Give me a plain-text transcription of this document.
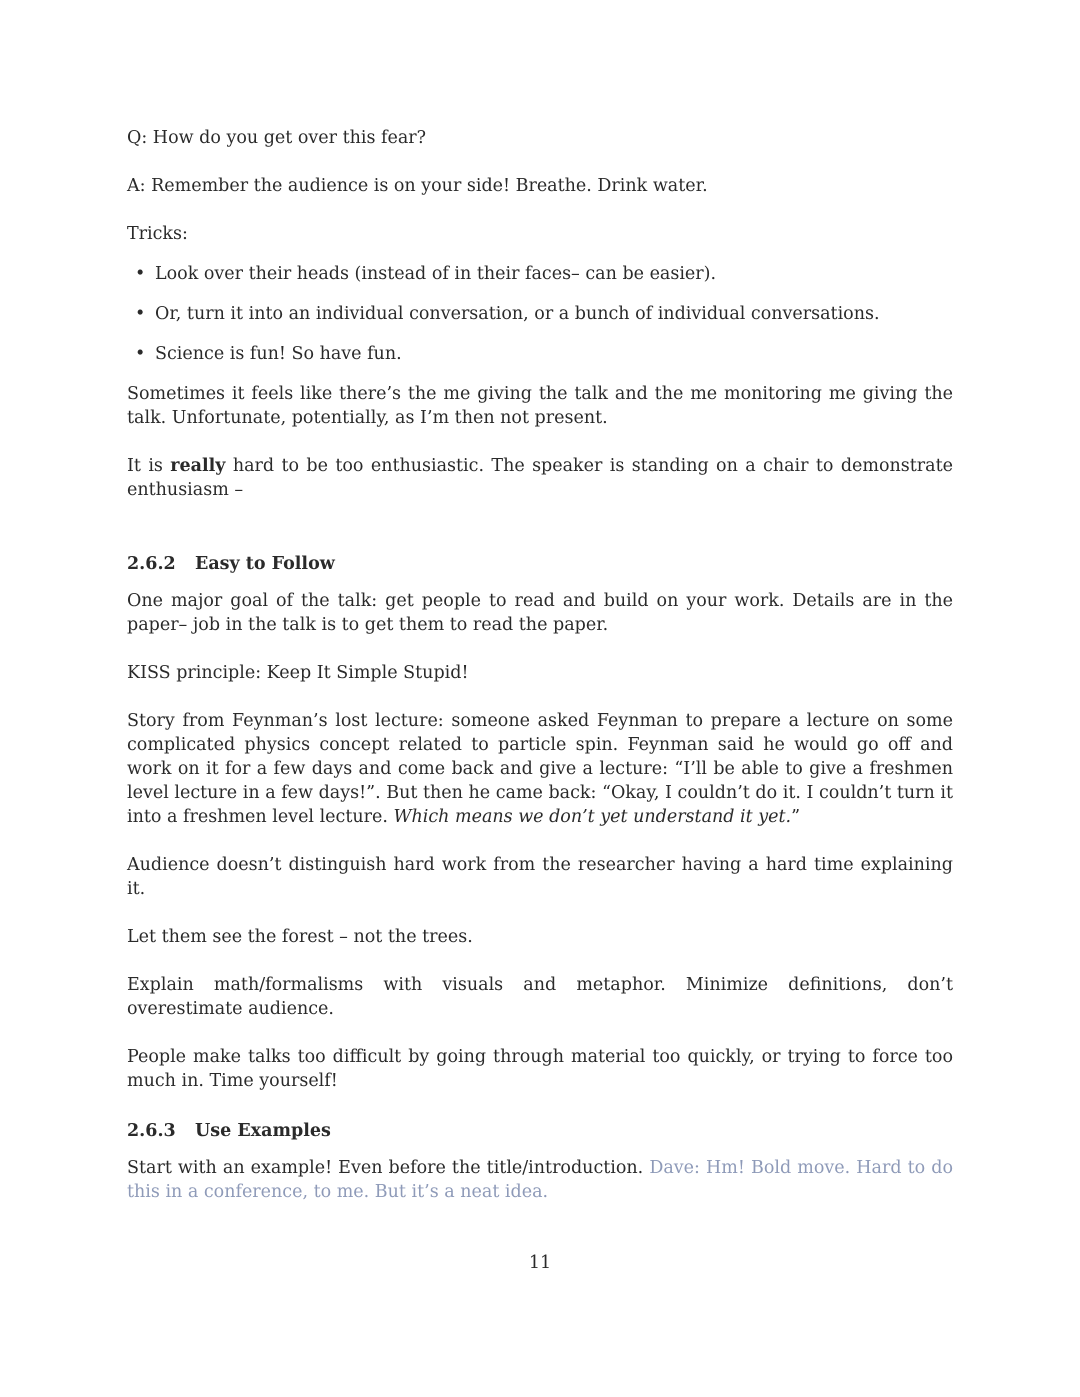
Q: How do you get over this fear?

A: Remember the audience is on your side! Breathe. Drink water.

Tricks:

• Look over their heads (instead of in their faces– can be easier).
• Or, turn it into an individual conversation, or a bunch of individual conversations.
• Science is fun! So have fun.

Sometimes it feels like there’s the me giving the talk and the me monitoring me giving the talk. Unfortunate, potentially, as I’m then not present.

It is really hard to be too enthusiastic. The speaker is standing on a chair to demonstrate enthusiasm –

2.6.2 Easy to Follow

One major goal of the talk: get people to read and build on your work. Details are in the paper– job in the talk is to get them to read the paper.

KISS principle: Keep It Simple Stupid!

Story from Feynman’s lost lecture: someone asked Feynman to prepare a lecture on some complicated physics concept related to particle spin. Feynman said he would go off and work on it for a few days and come back and give a lecture: “I’ll be able to give a freshmen level lecture in a few days!”. But then he came back: “Okay, I couldn’t do it. I couldn’t turn it into a freshmen level lecture. Which means we don’t yet understand it yet.”

Audience doesn’t distinguish hard work from the researcher having a hard time explaining it.

Let them see the forest – not the trees.

Explain math/formalisms with visuals and metaphor. Minimize definitions, don’t overestimate audience.

People make talks too difficult by going through material too quickly, or trying to force too much in. Time yourself!

2.6.3 Use Examples

Start with an example! Even before the title/introduction. Dave: Hm! Bold move. Hard to do this in a conference, to me. But it’s a neat idea.

11
